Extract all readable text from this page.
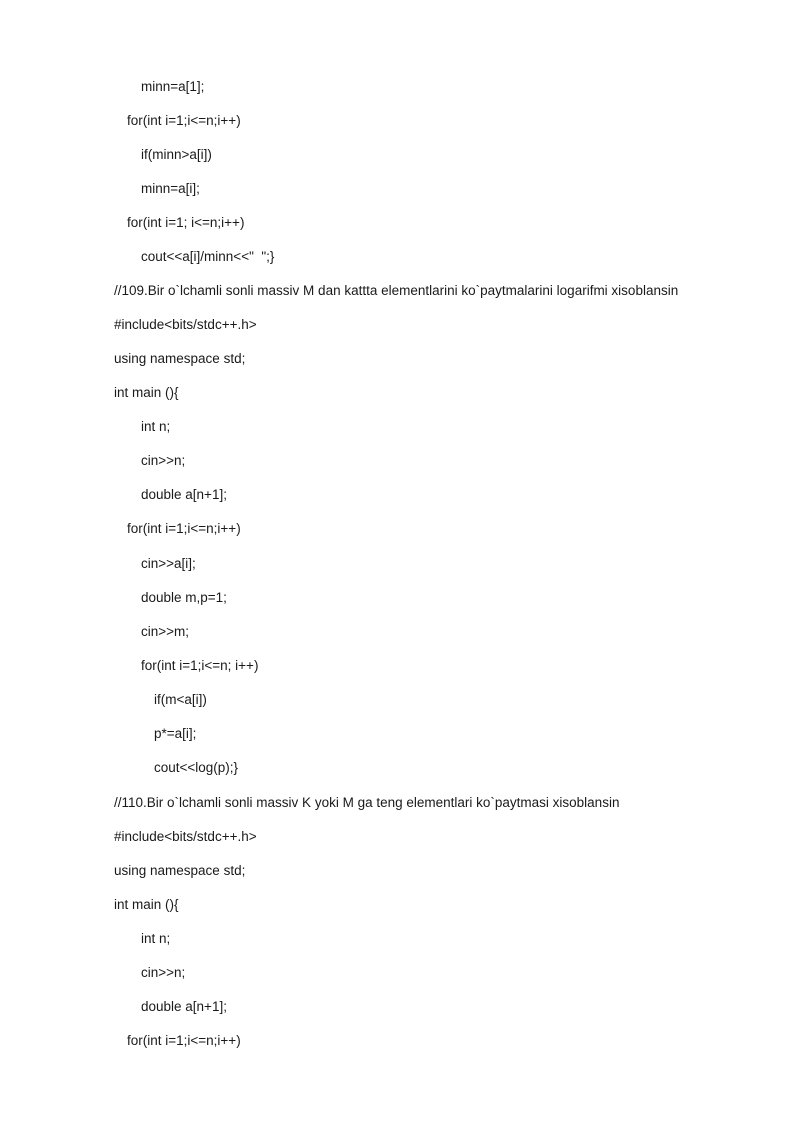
minn=a[1];

for(int i=1;i<=n;i++)

if(minn>a[i])

minn=a[i];

for(int i=1; i<=n;i++)

cout<<a[i]/minn<<"  ";}

//109.Bir o`lchamli sonli massiv M dan kattta elementlarini ko`paytmalarini logarifmi xisoblansin

#include<bits/stdc++.h>

using namespace std;

int main (){

int n;

cin>>n;

double a[n+1];

for(int i=1;i<=n;i++)

cin>>a[i];

double m,p=1;

cin>>m;

for(int i=1;i<=n; i++)

if(m<a[i])

p*=a[i];

cout<<log(p);}

//110.Bir o`lchamli sonli massiv K yoki M ga teng elementlari ko`paytmasi xisoblansin

#include<bits/stdc++.h>

using namespace std;

int main (){

int n;

cin>>n;

double a[n+1];

for(int i=1;i<=n;i++)
